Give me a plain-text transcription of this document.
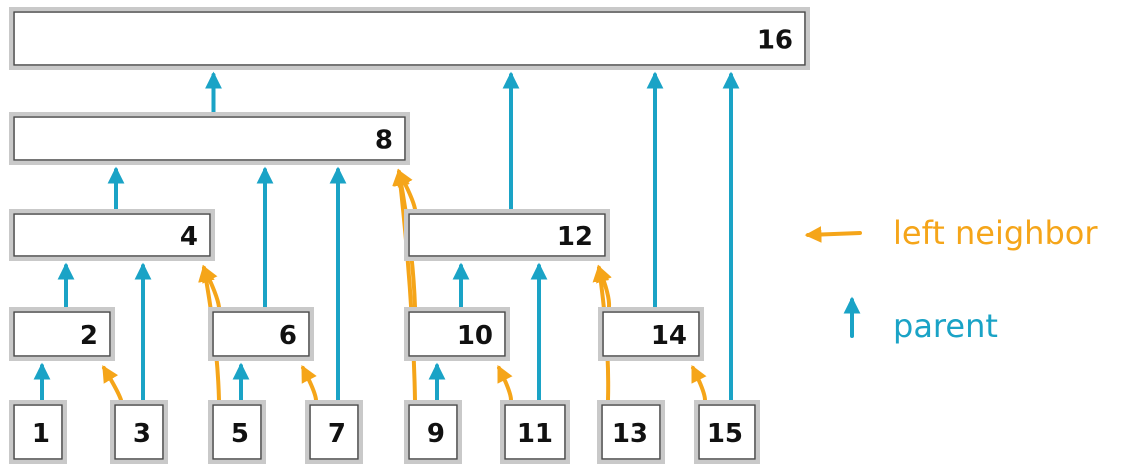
1
2
3
4
5
6
7
8
9
10
11
12
13
14
15
16
left neighbor
parent
